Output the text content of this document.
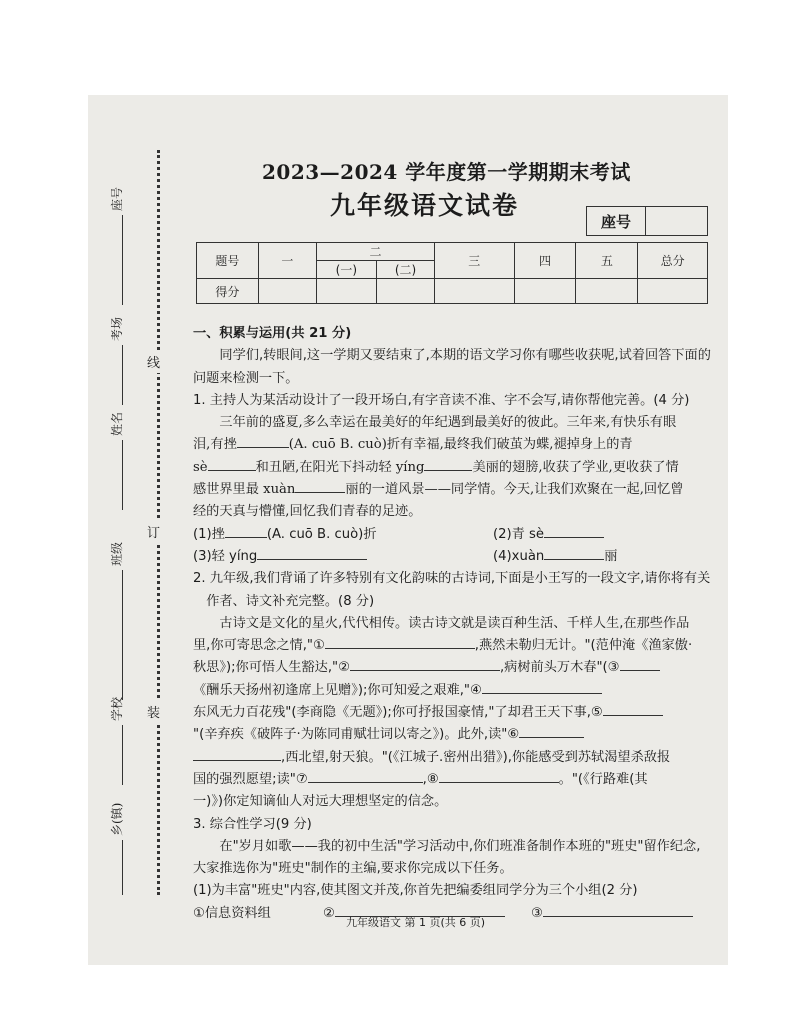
线
订
装
座号
考场
姓名
班级
学校
乡(镇)
2023—2024 学年度第一学期期末考试
九年级语文试卷
座号
题号	一	二		三	四	五	总分
		(一)	(二)				
得分							

一、积累与运用(共 21 分)

同学们,转眼间,这一学期又要结束了,本期的语文学习你有哪些收获呢,试着回答下面的问题来检测一下。

1. 主持人为某活动设计了一段开场白,有字音读不准、字不会写,请你帮他完善。(4 分)

三年前的盛夏,多么幸运在最美好的年纪遇到最美好的彼此。三年来,有快乐有眼

泪,有挫	(A. cuō B. cuò)折有幸福,最终我们破茧为蝶,褪掉身上的青

sè	和丑陋,在阳光下抖动轻 yíng	美丽的翅膀,收获了学业,更收获了情

感世界里最 xuàn	丽的一道风景——同学情。今天,让我们欢聚在一起,回忆曾

经的天真与懵懂,回忆我们青春的足迹。

(1)挫	(A. cuō B. cuò)折	(2)青 sè
(3)轻 yíng	(4)xuàn	丽

2. 九年级,我们背诵了许多特别有文化韵味的古诗词,下面是小王写的一段文字,请你将有关作者、诗文补充完整。(8 分)

古诗文是文化的星火,代代相传。读古诗文就是读百种生活、千样人生,在那些作品

里,你可寄思念之情,"①	,燕然未勒归无计。"(范仲淹《渔家傲·

秋思》);你可悟人生豁达,"②	,病树前头万木春"(③

《酬乐天扬州初逢席上见赠》);你可知爱之艰难,"④

东风无力百花残"(李商隐《无题》);你可抒报国豪情,"了却君王天下事,⑤

"(辛弃疾《破阵子·为陈同甫赋壮词以寄之》)。此外,读"⑥

,西北望,射天狼。"(《江城子.密州出猎》),你能感受到苏轼渴望杀敌报

国的强烈愿望;读"⑦	,⑧	。"(《行路难(其

一)》)你定知谪仙人对远大理想坚定的信念。

3. 综合性学习(9 分)

在"岁月如歌——我的初中生活"学习活动中,你们班准备制作本班的"班史"留作纪念,大家推选你为"班史"制作的主编,要求你完成以下任务。

(1)为丰富"班史"内容,使其图文并茂,你首先把编委组同学分为三个小组(2 分)

①信息资料组	②	③
九年级语文 第 1 页(共 6 页)
